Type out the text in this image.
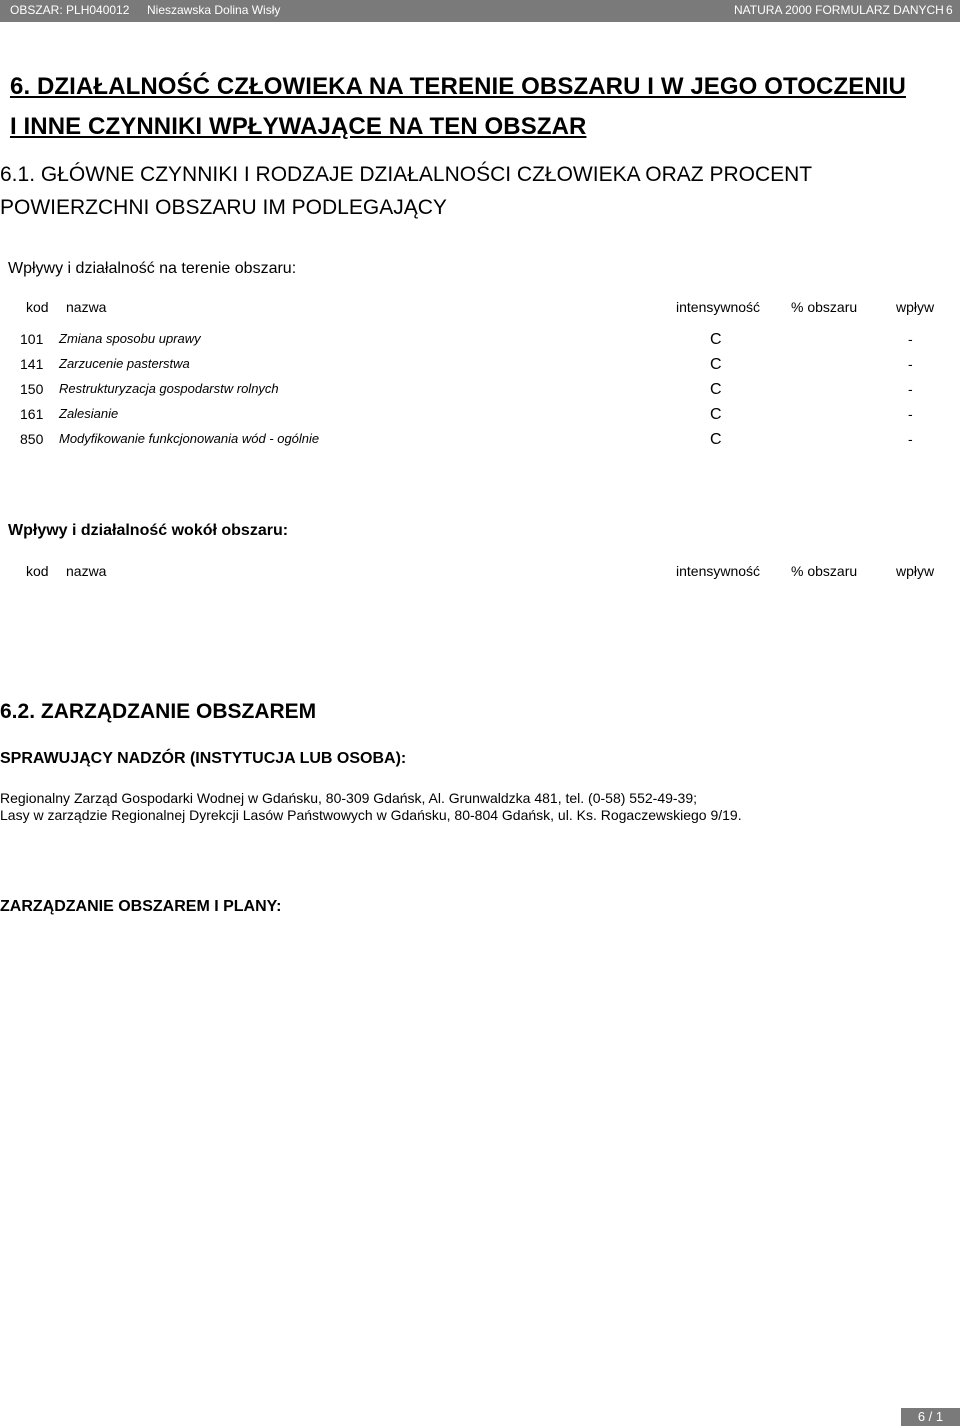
OBSZAR: PLH040012 Nieszawska Dolina Wisły	NATURA 2000 FORMULARZ DANYCH 6
6. DZIAŁALNOŚĆ CZŁOWIEKA NA TERENIE OBSZARU I W JEGO OTOCZENIU
I INNE CZYNNIKI WPŁYWAJĄCE NA TEN OBSZAR
6.1. GŁÓWNE CZYNNIKI I RODZAJE DZIAŁALNOŚCI CZŁOWIEKA ORAZ PROCENT
POWIERZCHNI OBSZARU IM PODLEGAJĄCY
Wpływy i działalność na terenie obszaru:
kod nazwa	intensywność % obszaru	wpływ
101 Zmiana sposobu uprawy	C	-
141 Zarzucenie pasterstwa	C	-
150 Restrukturyzacja gospodarstw rolnych	C	-
161 Zalesianie	C	-
850 Modyfikowanie funkcjonowania wód - ogólnie	C	-
Wpływy i działalność wokół obszaru:
kod nazwa	intensywność % obszaru	wpływ
6.2. ZARZĄDZANIE OBSZAREM
SPRAWUJĄCY NADZÓR (INSTYTUCJA LUB OSOBA):
Regionalny Zarząd Gospodarki Wodnej w Gdańsku, 80-309 Gdańsk, Al. Grunwaldzka 481, tel. (0-58) 552-49-39;
Lasy w zarządzie Regionalnej Dyrekcji Lasów Państwowych w Gdańsku, 80-804 Gdańsk, ul. Ks. Rogaczewskiego 9/19.
ZARZĄDZANIE OBSZAREM I PLANY:
6 / 1
